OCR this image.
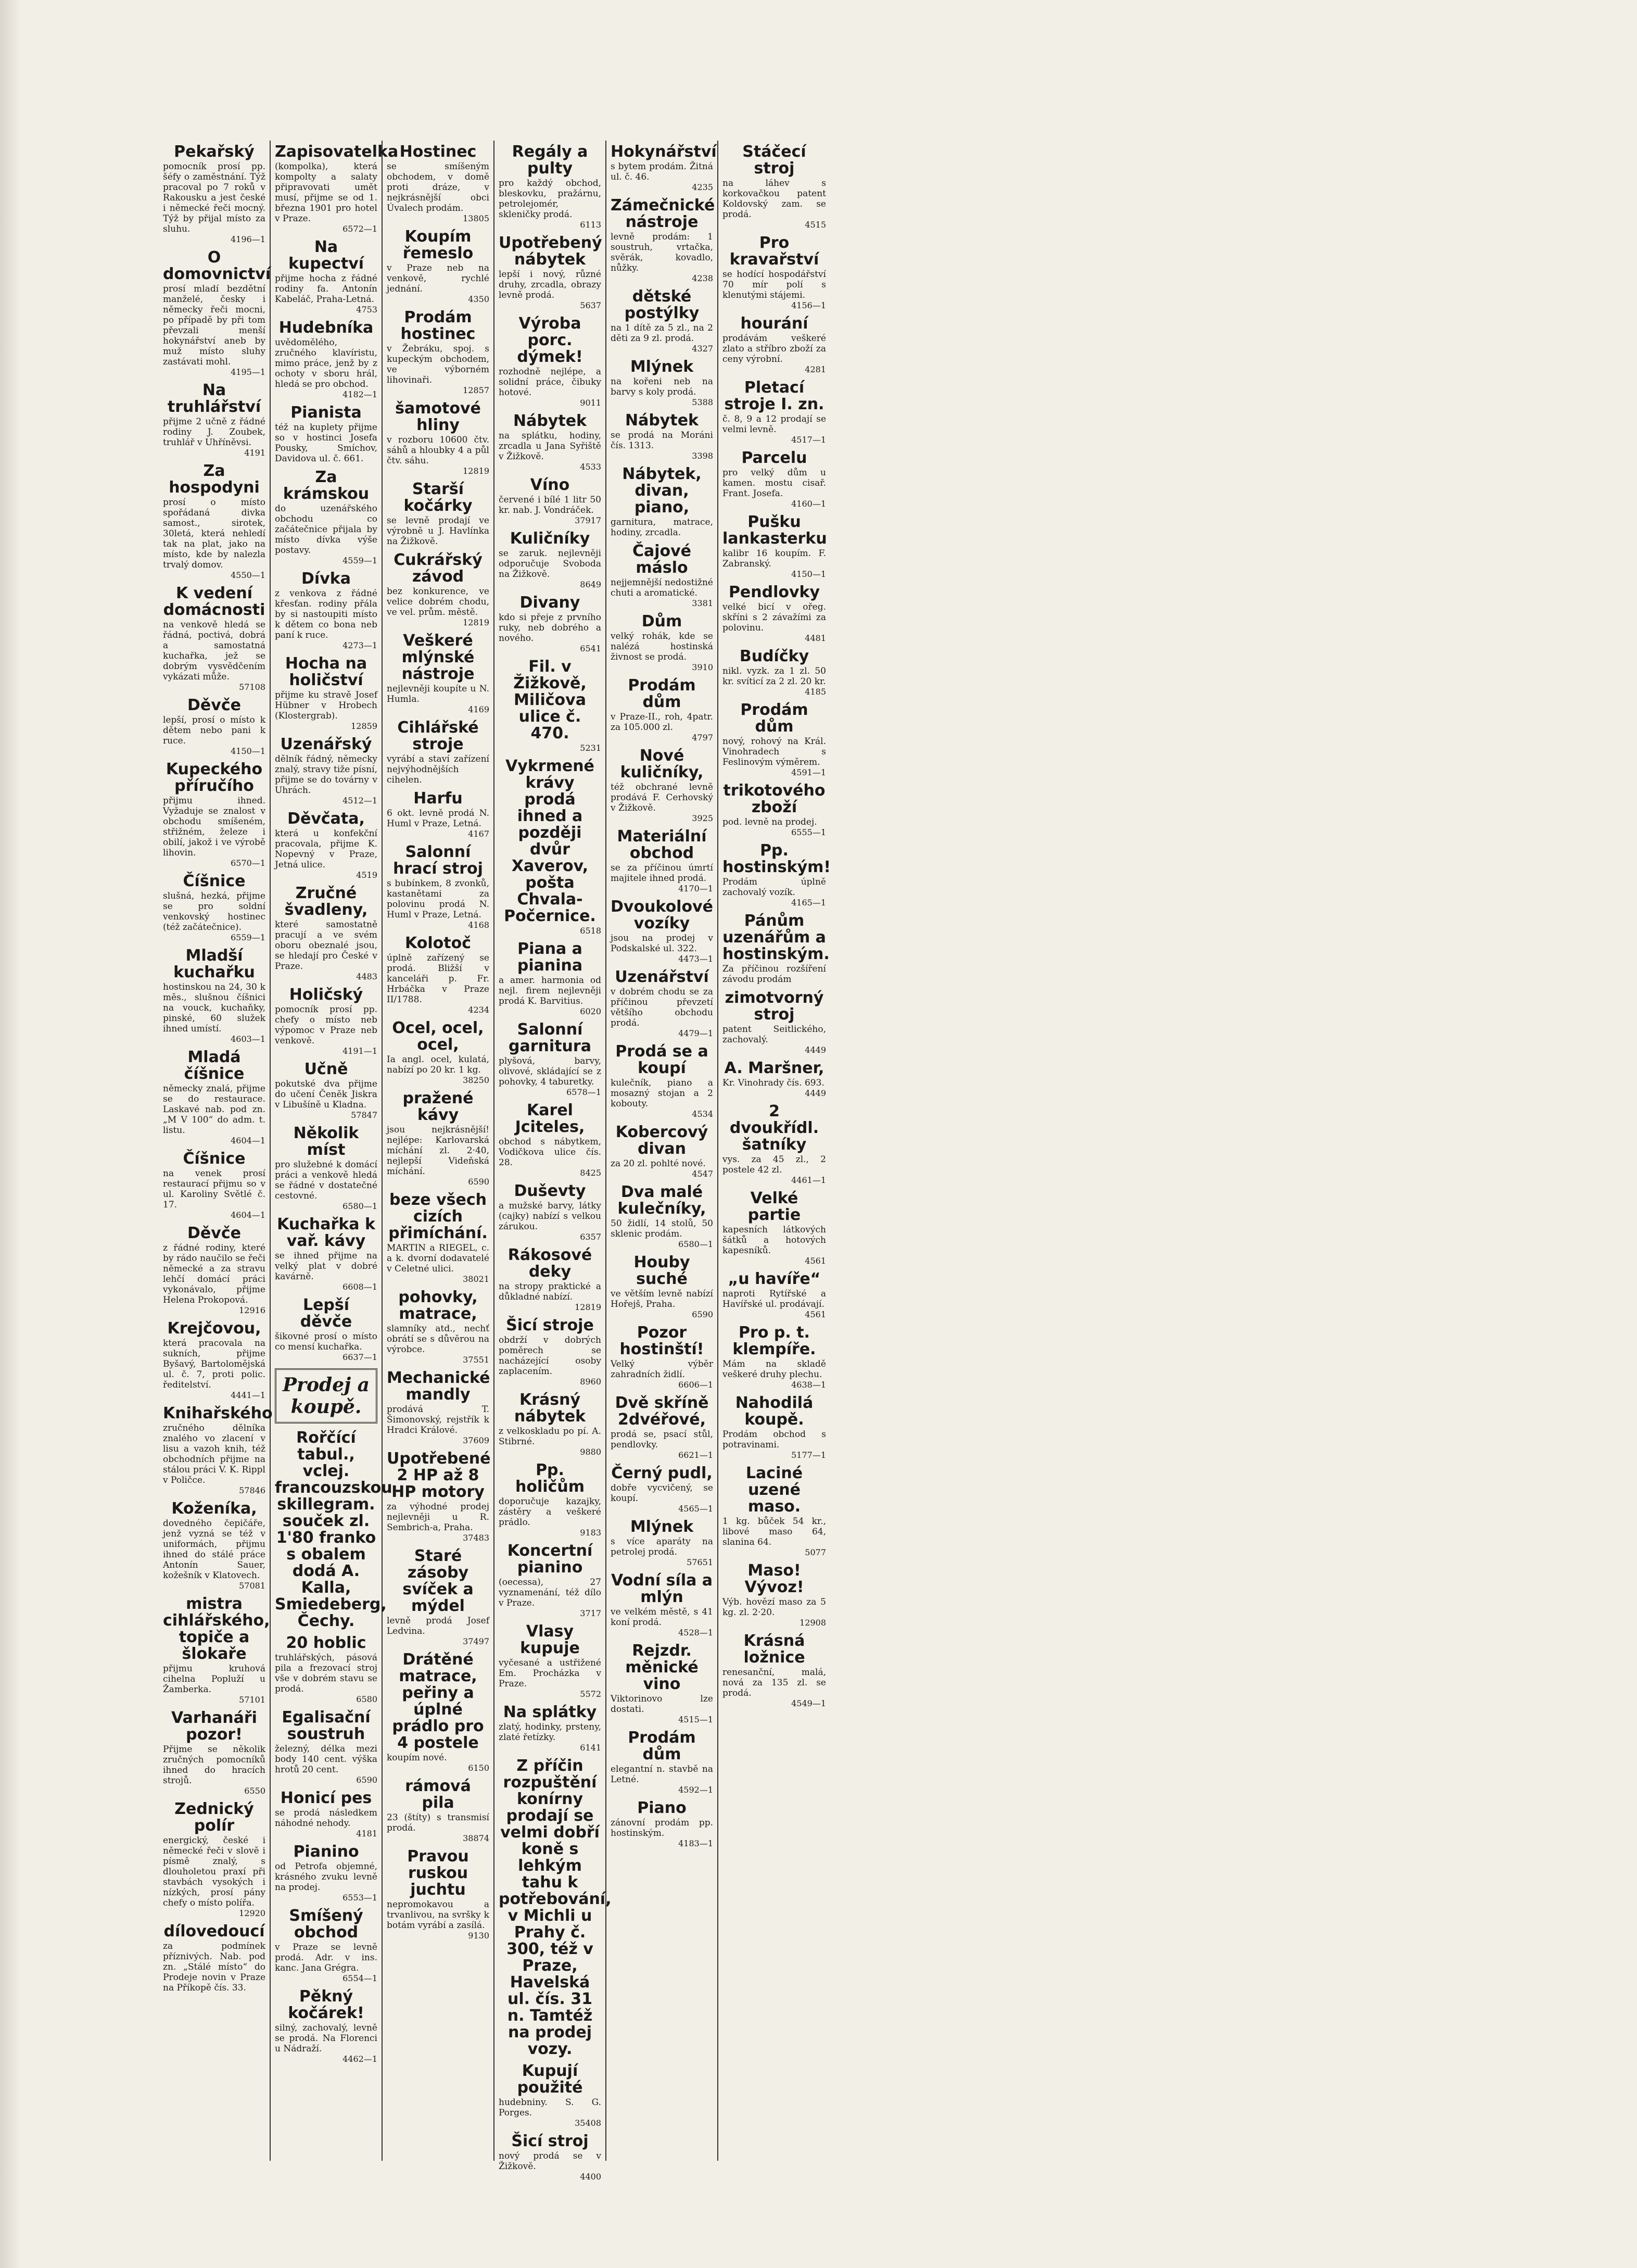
Pekařský

pomocník prosí pp. šéfy o zaměstnání. Týž pracoval po 7 roků v Rakousku a jest české i německé řeči mocný. Týž by přijal místo za sluhu.

4196—1
O domovnictví

prosí mladí bezdětní manželé, česky i německy řeči mocni, po případě by při tom převzali menší hokynářství aneb by muž místo sluhy zastávati mohl.

4195—1
Na truhlářství

přijme 2 učně z řádné rodiny J. Zoubek, truhlář v Uhříněvsi.

4191
Za hospodyni

prosí o místo spořádaná divka samost., sirotek, 30letá, která nehledí tak na plat, jako na místo, kde by nalezla trvalý domov.

4550—1
K vedení domácnosti

na venkově hledá se řádná, poctivá, dobrá a samostatná kuchařka, jež se dobrým vysvědčením vykázati může.

57108
Děvče

lepší, prosí o místo k dětem nebo pani k ruce.

4150—1
Kupeckého příručího

přijmu ihned. Vyžaduje se znalost v obchodu smíšeném, střižném, železe i obilí, jakož i ve výrobě lihovin.

6570—1
Číšnice

slušná, hezká, přijme se pro soldní venkovský hostinec (též začátečnice).

6559—1
Mladší kuchařku

hostinskou na 24, 30 k měs., slušnou číšnici na vouck, kuchaňky, pinské, 60 služek ihned umístí.

4603—1
Mladá číšnice

německy znalá, přijme se do restaurace. Laskavé nab. pod zn. „M V 100“ do adm. t. listu.

4604—1
Číšnice

na venek prosí restaurací přijmu so v ul. Karoliny Světlé č. 17.

4604—1
Děvče

z řádné rodiny, které by rádo naučilo se řeči německé a za stravu lehčí domácí práci vykonávalo, přijme Helena Prokopová.

12916
Krejčovou,

která pracovala na sukních, přijme Byšavý, Bartolomějská ul. č. 7, proti polic. ředitelství.

4441—1
Knihařského

zručného dělníka znalého vo zlacení v lisu a vazoh knih, též obchodních přijme na stálou práci V. K. Rippl v Poličce.

57846
Koženíka,

dovedného čepičáře, jenž vyzná se též v uniformách, přijmu ihned do stálé práce Antonín Sauer, kožešník v Klatovech.

57081
mistra cihlářského, topiče a šlokaře

přijmu kruhová cihelna Popluží u Žamberka.

57101
Varhanáři pozor!

Přijme se několik zručných pomocníků ihned do hracích strojů.

6550
Zednický polír

energický, české i německé řeči v slově i písmě znalý, s dlouholetou praxí při stavbách vysokých i nízkých, prosí pány chefy o místo polířa.

12920
dílovedoucí

za podmínek příznivých. Nab. pod zn. „Stálé místo“ do Prodeje novin v Praze na Příkopě čís. 33.

Zapisovatelka

(kompolka), která kompolty a salaty připravovati umět musí, přijme se od 1. března 1901 pro hotel v Praze.

6572—1
Na kupectví

přijme hocha z řádné rodiny fa. Antonín Kabeláč, Praha-Letná.

4753
Hudebníka

uvědomělého, zručného klavíristu, mimo práce, jenž by z ochoty v sboru hrál, hledá se pro obchod.

4182—1
Pianista

též na kuplety přijme so v hostinci Josefa Pousky, Smíchov, Davidova ul. č. 661.

Za krámskou

do uzenářského obchodu co začátečnice přijala by místo dívka výše postavy.

4559—1
Dívka

z venkova z řádné křesťan. rodiny přála by si nastoupiti místo k dětem co bona neb paní k ruce.

4273—1
Hocha na holičství

přijme ku stravě Josef Hübner v Hrobech (Klostergrab).

12859
Uzenářský

dělník řádný, německy znalý, stravy tiže písní, přijme se do továrny v Uhrách.

4512—1
Děvčata,

která u konfekční pracovala, přijme K. Nopevný v Praze, Jetná ulice.

4519
Zručné švadleny,

které samostatně pracují a ve svém oboru obeznalé jsou, se hledají pro České v Praze.

4483
Holičský

pomocník prosí pp. chefy o místo neb výpomoc v Praze neb venkově.

4191—1
Učně

pokutské dva přijme do učení Čeněk Jiskra v Libušíně u Kladna.

57847
Několik míst

pro služebné k domácí práci a venkově hledá se řádné v dostatečné cestovné.

6580—1
Kuchařka k vař. kávy

se ihned přijme na velký plat v dobré kavárně.

6608—1
Lepší děvče

šikovné prosí o místo co mensí kuchařka.

6637—1
Prodej a koupě.
Rořčící tabul., vclej. francouzskou skillegram. souček zl. 1'80 franko s obalem dodá A. Kalla, Smiedeberg, Čechy.
20 hoblic

truhlářských, pásová pila a frezovací stroj vše v dobrém stavu se prodá.

6580
Egalisační soustruh

železný, délka mezi body 140 cent. výška hrotů 20 cent.

6590
Honicí pes

se prodá následkem náhodné nehody.

4181
Pianino

od Petrofa objemné, krásného zvuku levně na prodej.

6553—1
Smíšený obchod

v Praze se levně prodá. Adr. v ins. kanc. Jana Grégra.

6554—1
Pěkný kočárek!

silný, zachovalý, levně se prodá. Na Florenci u Nádraží.

4462—1
Hostinec

se smíšeným obchodem, v domě proti dráze, v nejkrásnější obci Úvalech prodám.

13805
Koupím řemeslo

v Praze neb na venkově, rychlé jednání.

4350
Prodám hostinec

v Žebráku, spoj. s kupeckým obchodem, ve výborném lihovinaři.

12857
šamotové hliny

v rozboru 10600 čtv. sáhů a hloubky 4 a půl čtv. sáhu.

12819
Starší kočárky

se levně prodají ve výrobně u J. Havlínka na Žižkově.

Cukrářský závod

bez konkurence, ve velice dobrém chodu, ve vel. prům. městě.

12819
Veškeré mlýnské nástroje

nejlevněji koupíte u N. Humla.

4169
Cihlářské stroje

vyrábí a staví zařízení nejvýhodnějších cihelen.

Harfu

6 okt. levně prodá N. Huml v Praze, Letná.

4167
Salonní hrací stroj

s bubínkem, 8 zvonků, kastanětami za polovinu prodá N. Huml v Praze, Letná.

4168
Kolotoč

úplně zařízený se prodá. Bližší v kanceláři p. Fr. Hrbáčka v Praze II/1788.

4234
Ocel, ocel, ocel,

Ia angl. ocel, kulatá, nabízí po 20 kr. 1 kg.

38250
pražené kávy

jsou nejkrásnější! nejlépe: Karlovarská míchání zl. 2·40, nejlepší Videňská míchání.

6590
beze všech cizích přimíchání.

MARTIN a RIEGEL, c. a k. dvorní dodavatelé v Celetné ulici.

38021
pohovky, matrace,

slamníky atd., nechť obrátí se s důvěrou na výrobce.

37551
Mechanické mandly

prodává T. Šimonovský, rejstřík k Hradci Králové.

37609
Upotřebené 2 HP až 8 HP motory

za výhodné prodej nejlevněji u R. Sembrich-a, Praha.

37483
Staré zásoby svíček a mýdel

levně prodá Josef Ledvina.

37497
Drátěné matrace, peřiny a úplné prádlo pro 4 postele

koupím nové.

6150
rámová pila

23 (štíty) s transmisí prodá.

38874
Pravou ruskou juchtu

nepromokavou a trvanlivou, na svršky k botám vyrábí a zasílá.

9130
Regály a pulty

pro každý obchod, bleskovku, pražárnu, petrolejomér, skleničky prodá.

6113
Upotřebený nábytek

lepší i nový, různé druhy, zrcadla, obrazy levně prodá.

5637
Výroba porc. dýmek!

rozhodně nejlépe, a solidní práce, čibuky hotové.

9011
Nábytek

na splátku, hodiny, zrcadla u Jana Syřiště v Žižkově.

4533
Víno

červené i bílé 1 litr 50 kr. nab. J. Vondráček.

37917
Kuličníky

se zaruk. nejlevněji odporučuje Svoboda na Žižkově.

8649
Divany

kdo si přeje z prvního ruky, neb dobrého a nového.

6541
Fil. v Žižkově, Miličova ulice č. 470.
5231
Vykrmené krávy prodá ihned a později dvůr Xaverov, pošta Chvala-Počernice.
6518
Piana a pianina

a amer. harmonia od nejl. firem nejlevněji prodá K. Barvitius.

6020
Salonní garnitura

plyšová, barvy, olivové, skládající se z pohovky, 4 taburetky.

6578—1
Karel Jciteles,

obchod s nábytkem, Vodičkova ulice čís. 28.

8425
Duševty

a mužské barvy, látky (cajky) nabízí s velkou zárukou.

6357
Rákosové deky

na stropy praktické a důkladné nabízí.

12819
Šicí stroje

obdrží v dobrých poměrech se nacházející osoby zaplacením.

8960
Krásný nábytek

z velkoskladu po pí. A. Stibrné.

9880
Pp. holičům

doporučuje kazajky, zástěry a veškeré prádlo.

9183
Koncertní pianino

(oecessa), 27 vyznamenání, též dílo v Praze.

3717
Vlasy kupuje

vyčesané a ustřižené Em. Procházka v Praze.

5572
Na splátky

zlatý, hodinky, prsteny, zlaté řetízky.

6141
Z příčin rozpuštění konírny prodají se velmi dobří koně s lehkým tahu k potřebování, v Michli u Prahy č. 300, též v Praze, Havelská ul. čís. 31 n. Tamtéž na prodej vozy.
Kupují použité

hudebniny. S. G. Porges.

35408
Šicí stroj

nový prodá se v Žižkově.

4400
Hokynářství

s bytem prodám. Žitná ul. č. 46.

4235
Zámečnické nástroje

levně prodám: 1 soustruh, vrtačka, svěrák, kovadlo, nůžky.

4238
dětské postýlky

na 1 dítě za 5 zl., na 2 děti za 9 zl. prodá.

4327
Mlýnek

na kořeni neb na barvy s koly prodá.

5388
Nábytek

se prodá na Moráni čís. 1313.

3398
Nábytek, divan, piano,

garnitura, matrace, hodiny, zrcadla.

Čajové máslo

nejjemnější nedostižné chuti a aromatické.

3381
Dům

velký rohák, kde se nalézá hostinská živnost se prodá.

3910
Prodám dům

v Praze-II., roh, 4patr. za 105.000 zl.

4797
Nové kuličníky,

též obchrané levně prodává F. Cerhovský v Žižkově.

3925
Materiální obchod

se za příčinou úmrtí majitele ihned prodá.

4170—1
Dvoukolové vozíky

jsou na prodej v Podskalské ul. 322.

4473—1
Uzenářství

v dobrém chodu se za příčinou převzetí většího obchodu prodá.

4479—1
Prodá se a koupí

kulečník, piano a mosazný stojan a 2 kobouty.

4534
Kobercový divan

za 20 zl. pohlté nové.

4547
Dva malé kulečníky,

50 židlí, 14 stolů, 50 sklenic prodám.

6580—1
Houby suché

ve větším levně nabízí Hořejš, Praha.

6590
Pozor hostinští!

Velký výběr zahradních židlí.

6606—1
Dvě skříně 2dvéřové,

prodá se, psací stůl, pendlovky.

6621—1
Černý pudl,

dobře vycvičený, se koupí.

4565—1
Mlýnek

s více aparáty na petrolej prodá.

57651
Vodní síla a mlýn

ve velkém městě, s 41 koní prodá.

4528—1
Rejzdr. měnické vino

Viktorinovo lze dostati.

4515—1
Prodám dům

elegantní n. stavbě na Letné.

4592—1
Piano

zánovní prodám pp. hostinským.

4183—1
Stáčecí stroj

na láhev s korkovačkou patent Koldovský zam. se prodá.

4515
Pro kravařství

se hodící hospodářství 70 mír polí s klenutými stájemi.

4156—1
hourání

prodávám veškeré zlato a stříbro zboží za ceny výrobní.

4281
Pletací stroje I. zn.

č. 8, 9 a 12 prodají se velmi levně.

4517—1
Parcelu

pro velký dům u kamen. mostu cisař. Frant. Josefa.

4160—1
Pušku lankasterku

kalibr 16 koupím. F. Zabranský.

4150—1
Pendlovky

velké bicí v ořeg. skříni s 2 závažími za polovinu.

4481
Budíčky

nikl. vyzk. za 1 zl. 50 kr. svíticí za 2 zl. 20 kr.

4185
Prodám dům

nový, rohový na Král. Vinohradech s Feslinovým výměrem.

4591—1
trikotového zboží

pod. levně na prodej.

6555—1
Pp. hostinským!

Prodám úplně zachovalý vozík.

4165—1
Pánům uzenářům a hostinským.

Za příčinou rozšíření závodu prodám

zimotvorný stroj

patent Seitlického, zachovalý.

4449
A. Maršner,

Kr. Vinohrady čís. 693.

4449
2 dvoukřídl. šatníky

vys. za 45 zl., 2 postele 42 zl.

4461—1
Velké partie

kapesních látkových šátků a hotových kapesníků.

4561
„u havíře“

naproti Rytířské a Havířské ul. prodávají.

4561
Pro p. t. klempíře.

Mám na skladě veškeré druhy plechu.

4638—1
Nahodilá koupě.

Prodám obchod s potravinami.

5177—1
Laciné uzené maso.

1 kg. bůček 54 kr., libové maso 64, slanina 64.

5077
Maso! Vývoz!

Výb. hovězí maso za 5 kg. zl. 2·20.

12908
Krásná ložnice

renesanční, malá, nová za 135 zl. se prodá.

4549—1
